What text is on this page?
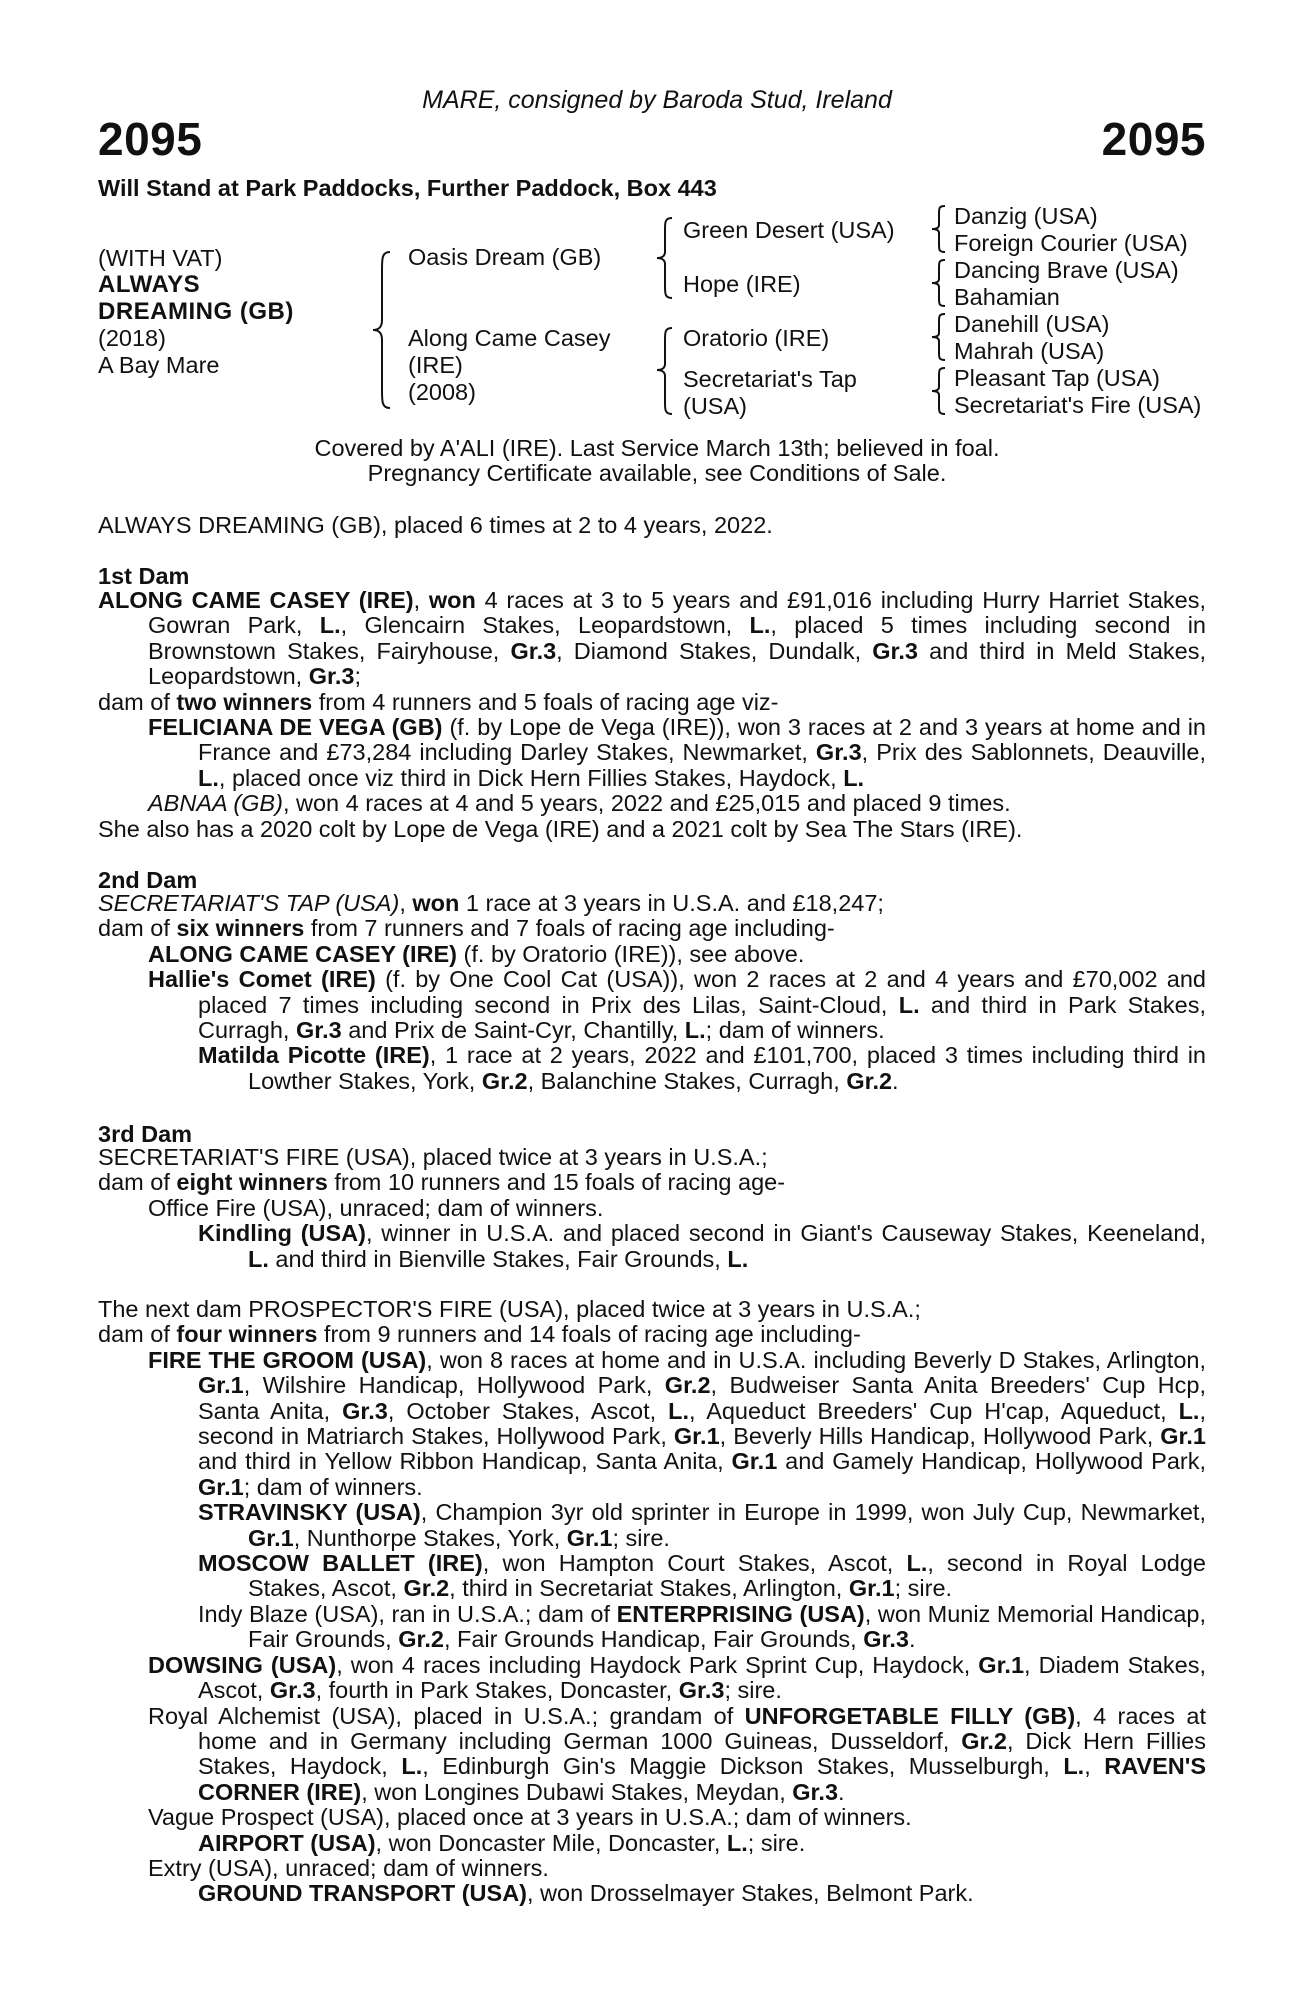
MARE, consigned by Baroda Stud, Ireland
2095	2095
Will Stand at Park Paddocks, Further Paddock, Box 443
(WITH VAT)
ALWAYS
DREAMING (GB)
(2018)
A Bay Mare
Oasis Dream (GB)
Along Came Casey
(IRE)
(2008)
Green Desert (USA)
Hope (IRE)
Oratorio (IRE)
Secretariat's Tap
(USA)
Danzig (USA)
Foreign Courier (USA)
Dancing Brave (USA)
Bahamian
Danehill (USA)
Mahrah (USA)
Pleasant Tap (USA)
Secretariat's Fire (USA)
Covered by A'ALI (IRE). Last Service March 13th; believed in foal.
Pregnancy Certificate available, see Conditions of Sale.
ALWAYS DREAMING (GB), placed 6 times at 2 to 4 years, 2022.
1st Dam
ALONG CAME CASEY (IRE), won 4 races at 3 to 5 years and £91,016 including Hurry Harriet Stakes, Gowran Park, L., Glencairn Stakes, Leopardstown, L., placed 5 times including second in Brownstown Stakes, Fairyhouse, Gr.3, Diamond Stakes, Dundalk, Gr.3 and third in Meld Stakes, Leopardstown, Gr.3;
dam of two winners from 4 runners and 5 foals of racing age viz-
FELICIANA DE VEGA (GB) (f. by Lope de Vega (IRE)), won 3 races at 2 and 3 years at home and in France and £73,284 including Darley Stakes, Newmarket, Gr.3, Prix des Sablonnets, Deauville, L., placed once viz third in Dick Hern Fillies Stakes, Haydock, L.
ABNAA (GB), won 4 races at 4 and 5 years, 2022 and £25,015 and placed 9 times.
She also has a 2020 colt by Lope de Vega (IRE) and a 2021 colt by Sea The Stars (IRE).
2nd Dam
SECRETARIAT'S TAP (USA), won 1 race at 3 years in U.S.A. and £18,247;
dam of six winners from 7 runners and 7 foals of racing age including-
ALONG CAME CASEY (IRE) (f. by Oratorio (IRE)), see above.
Hallie's Comet (IRE) (f. by One Cool Cat (USA)), won 2 races at 2 and 4 years and £70,002 and placed 7 times including second in Prix des Lilas, Saint-Cloud, L. and third in Park Stakes, Curragh, Gr.3 and Prix de Saint-Cyr, Chantilly, L.; dam of winners.
Matilda Picotte (IRE), 1 race at 2 years, 2022 and £101,700, placed 3 times including third in Lowther Stakes, York, Gr.2, Balanchine Stakes, Curragh, Gr.2.
3rd Dam
SECRETARIAT'S FIRE (USA), placed twice at 3 years in U.S.A.;
dam of eight winners from 10 runners and 15 foals of racing age-
Office Fire (USA), unraced; dam of winners.
Kindling (USA), winner in U.S.A. and placed second in Giant's Causeway Stakes, Keeneland, L. and third in Bienville Stakes, Fair Grounds, L.
The next dam PROSPECTOR'S FIRE (USA), placed twice at 3 years in U.S.A.;
dam of four winners from 9 runners and 14 foals of racing age including-
FIRE THE GROOM (USA), won 8 races at home and in U.S.A. including Beverly D Stakes, Arlington, Gr.1, Wilshire Handicap, Hollywood Park, Gr.2, Budweiser Santa Anita Breeders' Cup Hcp, Santa Anita, Gr.3, October Stakes, Ascot, L., Aqueduct Breeders' Cup H'cap, Aqueduct, L., second in Matriarch Stakes, Hollywood Park, Gr.1, Beverly Hills Handicap, Hollywood Park, Gr.1 and third in Yellow Ribbon Handicap, Santa Anita, Gr.1 and Gamely Handicap, Hollywood Park, Gr.1; dam of winners.
STRAVINSKY (USA), Champion 3yr old sprinter in Europe in 1999, won July Cup, Newmarket, Gr.1, Nunthorpe Stakes, York, Gr.1; sire.
MOSCOW BALLET (IRE), won Hampton Court Stakes, Ascot, L., second in Royal Lodge Stakes, Ascot, Gr.2, third in Secretariat Stakes, Arlington, Gr.1; sire.
Indy Blaze (USA), ran in U.S.A.; dam of ENTERPRISING (USA), won Muniz Memorial Handicap, Fair Grounds, Gr.2, Fair Grounds Handicap, Fair Grounds, Gr.3.
DOWSING (USA), won 4 races including Haydock Park Sprint Cup, Haydock, Gr.1, Diadem Stakes, Ascot, Gr.3, fourth in Park Stakes, Doncaster, Gr.3; sire.
Royal Alchemist (USA), placed in U.S.A.; grandam of UNFORGETABLE FILLY (GB), 4 races at home and in Germany including German 1000 Guineas, Dusseldorf, Gr.2, Dick Hern Fillies Stakes, Haydock, L., Edinburgh Gin's Maggie Dickson Stakes, Musselburgh, L., RAVEN'S CORNER (IRE), won Longines Dubawi Stakes, Meydan, Gr.3.
Vague Prospect (USA), placed once at 3 years in U.S.A.; dam of winners.
AIRPORT (USA), won Doncaster Mile, Doncaster, L.; sire.
Extry (USA), unraced; dam of winners.
GROUND TRANSPORT (USA), won Drosselmayer Stakes, Belmont Park.
